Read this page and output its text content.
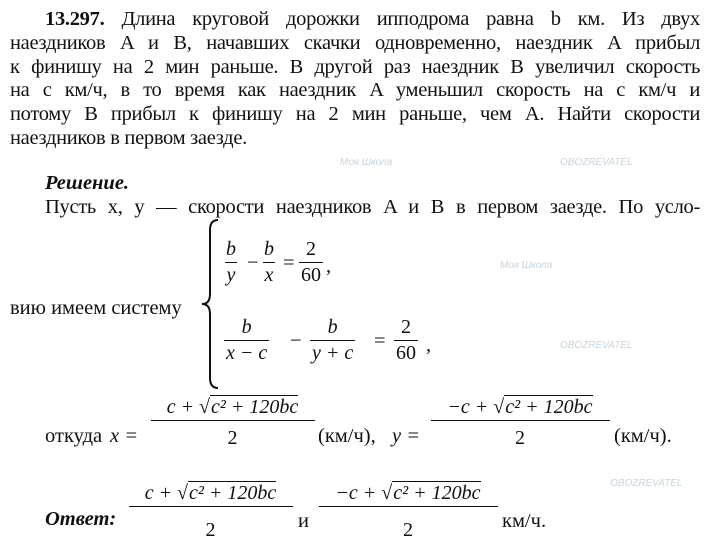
13.297. Длина круговой дорожки ипподрома равна b км. Из двух
наездников A и B, начавших скачки одновременно, наездник A прибыл
к финишу на 2 мин раньше. В другой раз наездник B увеличил скорость
на c км/ч, в то время как наездник A уменьшил скорость на c км/ч и
потому B прибыл к финишу на 2 мин раньше, чем A. Найти скорости
наездников в первом заезде.
Решение.
Пусть x, y — скорости наездников A и B в первом заезде. По усло-
вию имеем систему
$\frac{b}{y} - \frac{b}{x} = \frac{2}{60}$ ,
$\frac{b}{x - c} - \frac{b}{y + c} = \frac{2}{60}$ ,
откуда $x = \frac{\text{c + √c² + 120bc}}{2} (км/ч)$, $y = \frac{\text{−c + √c² + 120bc}}{2} (км/ч)$.
Ответ: $\frac{\text{c + √c² + 120bc}}{2}$ и $\frac{\text{−c + √c² + 120bc}}{2} км/ч$.
Моя Школа	OBOZREVATEL
Моя Школа
OBOZREVATEL
OBOZREVATEL
